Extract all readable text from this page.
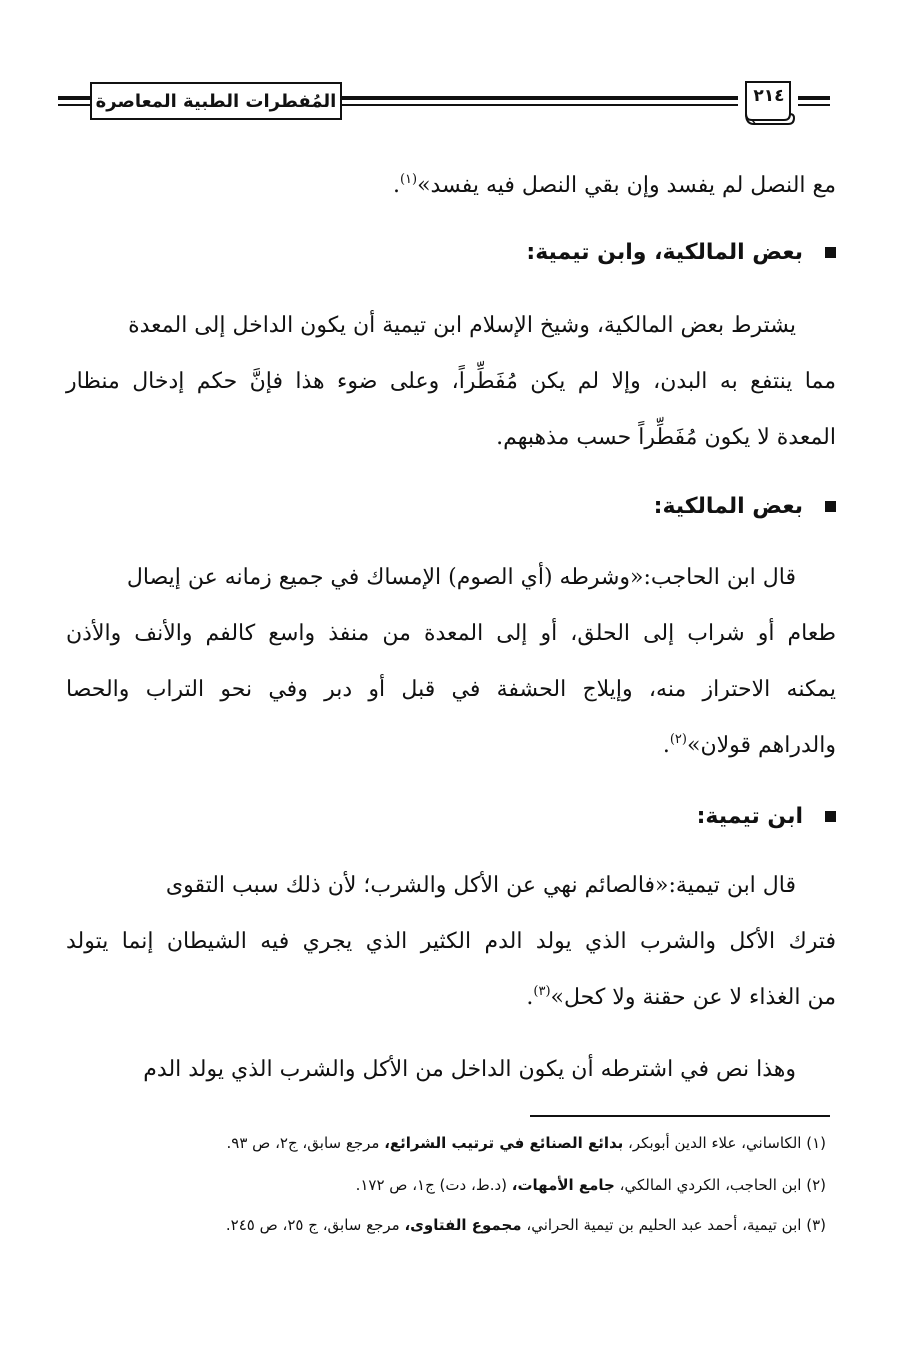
المُفطرات الطبية المعاصرة	٢١٤
مع النصل لم يفسد وإن بقي النصل فيه يفسد»$^{(١)}$.
بعض المالكية، وابن تيمية:
يشترط بعض المالكية، وشيخ الإسلام ابن تيمية أن يكون الداخل إلى المعدة
مما ينتفع به البدن، وإلا لم يكن مُفَطِّراً، وعلى ضوء هذا فإنَّ حكم إدخال منظار
المعدة لا يكون مُفَطِّراً حسب مذهبهم.
بعض المالكية:
قال ابن الحاجب:«وشرطه (أي الصوم) الإمساك في جميع زمانه عن إيصال
طعام أو شراب إلى الحلق، أو إلى المعدة من منفذ واسع كالفم والأنف والأذن
يمكنه الاحتراز منه، وإيلاج الحشفة في قبل أو دبر وفي نحو التراب والحصا
والدراهم قولان»$^{(٢)}$.
ابن تيمية:
قال ابن تيمية:«فالصائم نهي عن الأكل والشرب؛ لأن ذلك سبب التقوى
فترك الأكل والشرب الذي يولد الدم الكثير الذي يجري فيه الشيطان إنما يتولد
من الغذاء لا عن حقنة ولا كحل»$^{(٣)}$.
وهذا نص في اشترطه أن يكون الداخل من الأكل والشرب الذي يولد الدم
(١) الكاساني، علاء الدين أبوبكر، بدائع الصنائع في ترتيب الشرائع، مرجع سابق، ج٢، ص ٩٣.
(٢) ابن الحاجب، الكردي المالكي، جامع الأمهات، (د.ط، دت) ج١، ص ١٧٢.
(٣) ابن تيمية، أحمد عبد الحليم بن تيمية الحراني، مجموع الفتاوى، مرجع سابق، ج ٢٥، ص ٢٤٥.
